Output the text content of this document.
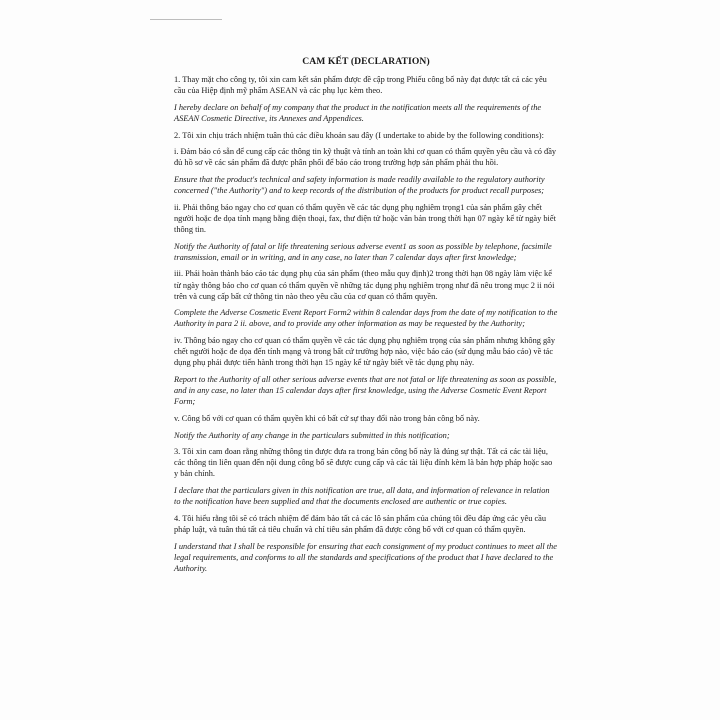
CAM KẾT (DECLARATION)

1. Thay mặt cho công ty, tôi xin cam kết sản phẩm được đề cập trong Phiếu công bố này đạt được tất cả các yêu cầu của Hiệp định mỹ phẩm ASEAN và các phụ lục kèm theo.

I hereby declare on behalf of my company that the product in the notification meets all the requirements of the ASEAN Cosmetic Directive, its Annexes and Appendices.

2. Tôi xin chịu trách nhiệm tuân thủ các điều khoản sau đây (I undertake to abide by the following conditions):

i. Đảm bảo có sẵn để cung cấp các thông tin kỹ thuật và tính an toàn khi cơ quan có thẩm quyền yêu cầu và có đầy đủ hồ sơ về các sản phẩm đã được phân phối để báo cáo trong trường hợp sản phẩm phải thu hồi.

Ensure that the product's technical and safety information is made readily available to the regulatory authority concerned ("the Authority") and to keep records of the distribution of the products for product recall purposes;

ii. Phải thông báo ngay cho cơ quan có thẩm quyền về các tác dụng phụ nghiêm trọng1 của sản phẩm gây chết người hoặc đe dọa tính mạng bằng điện thoại, fax, thư điện tử hoặc văn bản trong thời hạn 07 ngày kể từ ngày biết thông tin.

Notify the Authority of fatal or life threatening serious adverse event1 as soon as possible by telephone, facsimile transmission, email or in writing, and in any case, no later than 7 calendar days after first knowledge;

iii. Phải hoàn thành báo cáo tác dụng phụ của sản phẩm (theo mẫu quy định)2 trong thời hạn 08 ngày làm việc kể từ ngày thông báo cho cơ quan có thẩm quyền về những tác dụng phụ nghiêm trọng như đã nêu trong mục 2 ii nói trên và cung cấp bất cứ thông tin nào theo yêu cầu của cơ quan có thẩm quyền.

Complete the Adverse Cosmetic Event Report Form2 within 8 calendar days from the date of my notification to the Authority in para 2 ii. above, and to provide any other information as may be requested by the Authority;

iv. Thông báo ngay cho cơ quan có thẩm quyền về các tác dụng phụ nghiêm trọng của sản phẩm nhưng không gây chết người hoặc đe dọa đến tính mạng và trong bất cứ trường hợp nào, việc báo cáo (sử dụng mẫu báo cáo) về tác dụng phụ phải được tiến hành trong thời hạn 15 ngày kể từ ngày biết về tác dụng phụ này.

Report to the Authority of all other serious adverse events that are not fatal or life threatening as soon as possible, and in any case, no later than 15 calendar days after first knowledge, using the Adverse Cosmetic Event Report Form;

v. Công bố với cơ quan có thẩm quyền khi có bất cứ sự thay đổi nào trong bản công bố này.

Notify the Authority of any change in the particulars submitted in this notification;

3. Tôi xin cam đoan rằng những thông tin được đưa ra trong bản công bố này là đúng sự thật. Tất cả các tài liệu, các thông tin liên quan đến nội dung công bố sẽ được cung cấp và các tài liệu đính kèm là bản hợp pháp hoặc sao y bản chính.

I declare that the particulars given in this notification are true, all data, and information of relevance in relation to the notification have been supplied and that the documents enclosed are authentic or true copies.

4. Tôi hiểu rằng tôi sẽ có trách nhiệm để đảm bảo tất cả các lô sản phẩm của chúng tôi đều đáp ứng các yêu cầu pháp luật, và tuân thủ tất cả tiêu chuẩn và chỉ tiêu sản phẩm đã được công bố với cơ quan có thẩm quyền.

I understand that I shall be responsible for ensuring that each consignment of my product continues to meet all the legal requirements, and conforms to all the standards and specifications of the product that I have declared to the Authority.
